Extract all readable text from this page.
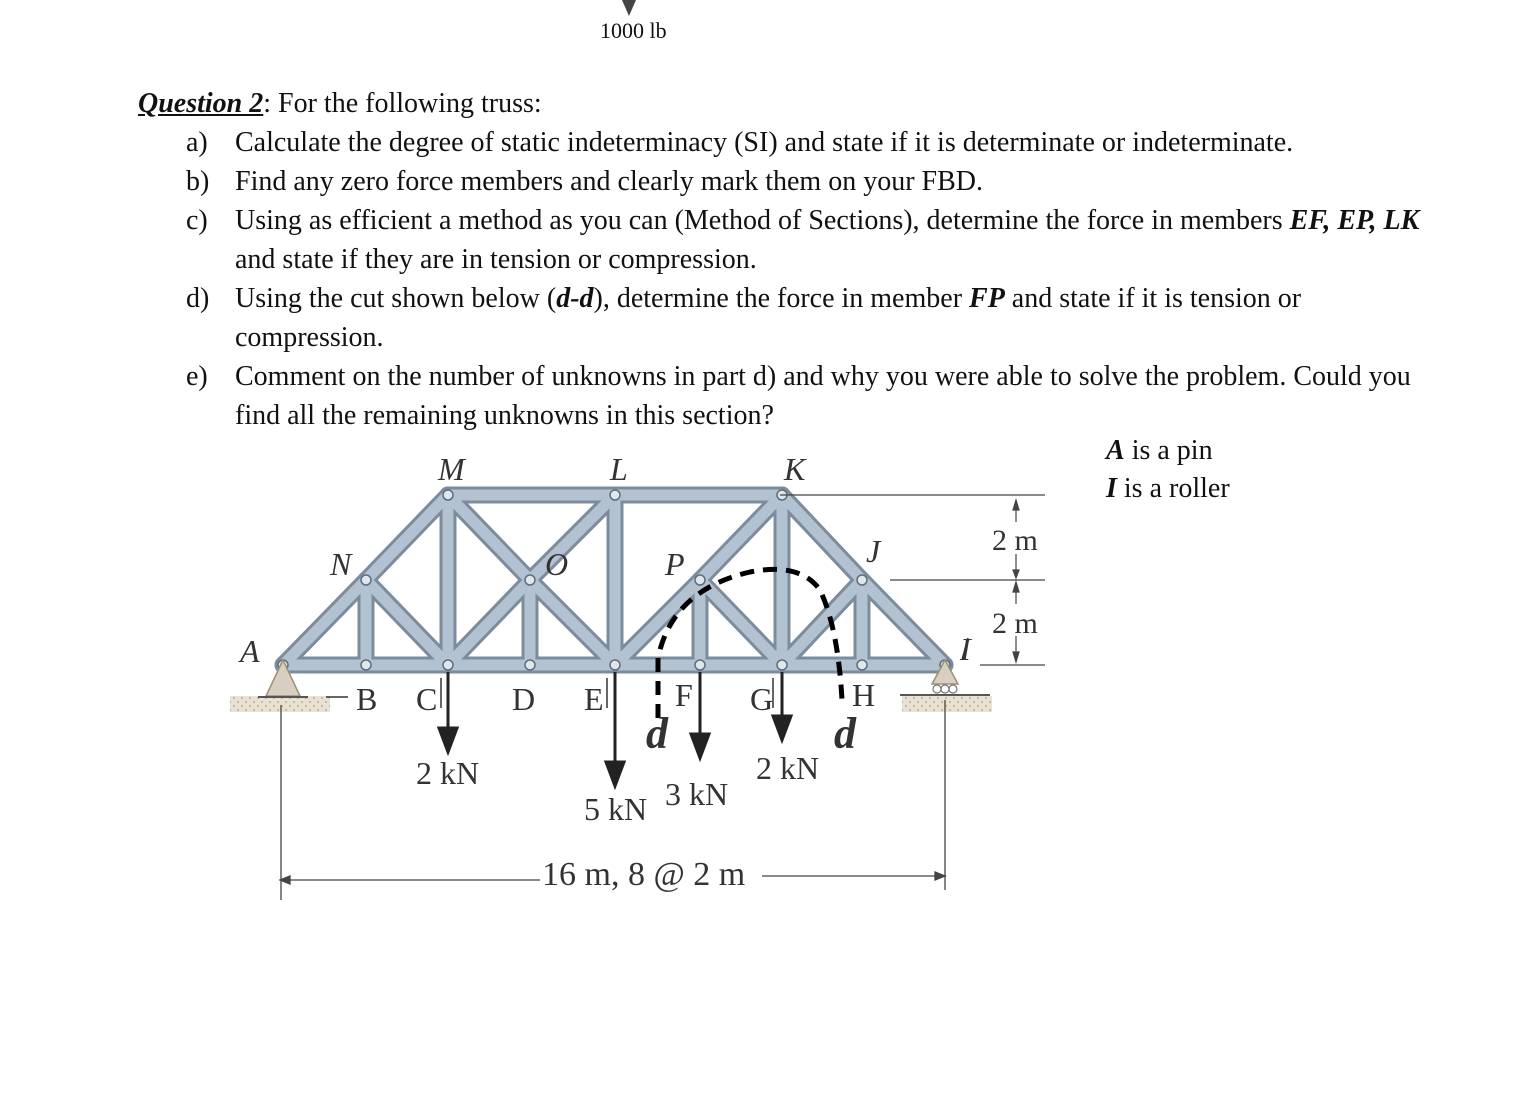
1000 lb
Question 2: For the following truss:
a) Calculate the degree of static indeterminacy (SI) and state if it is determinate or indeterminate.
b) Find any zero force members and clearly mark them on your FBD.
c) Using as efficient a method as you can (Method of Sections), determine the force in members EF, EP, LK and state if they are in tension or compression.
d) Using the cut shown below (d-d), determine the force in member FP and state if it is tension or compression.
e) Comment on the number of unknowns in part d) and why you were able to solve the problem. Could you find all the remaining unknowns in this section?
A is a pin
I is a roller
M	L	K
N	O	P	J
A
B C D E F G H
I
d	d
2 kN
5 kN 3 kN
2 kN
2 m
2 m
16 m, 8 @ 2 m
